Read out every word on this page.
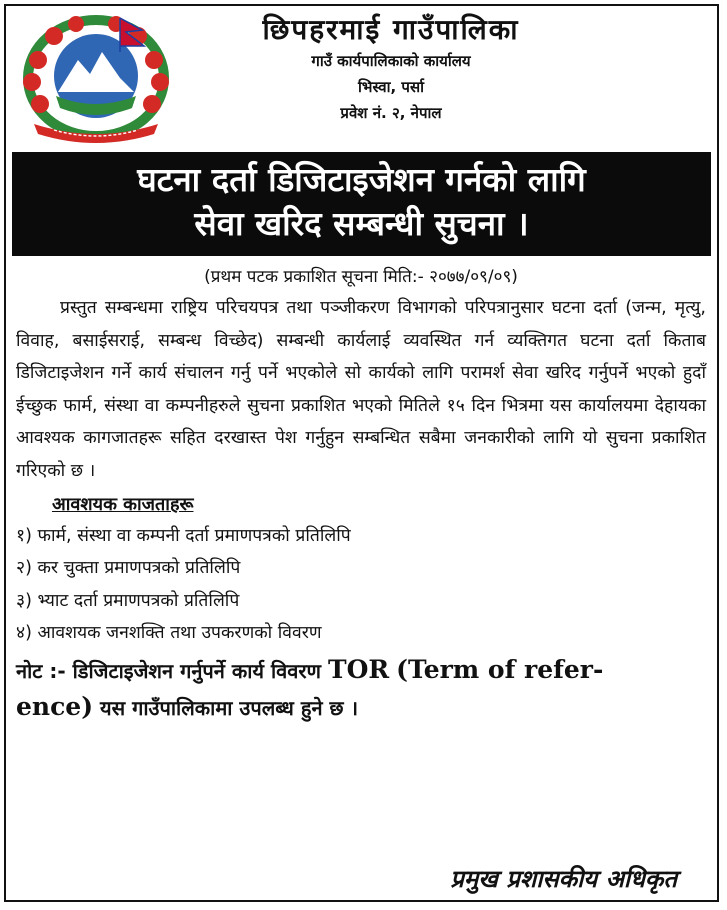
छिपहरमाई गाउँपालिका
गाउँ कार्यपालिकाको कार्यालय
भिस्वा, पर्सा
प्रवेश नं. २, नेपाल
घटना दर्ता डिजिटाइजेशन गर्नको लागि
सेवा खरिद सम्बन्धी सुचना ।
(प्रथम पटक प्रकाशित सूचना मिति:- २०७७/०९/०९)

प्रस्तुत सम्बन्धमा राष्ट्रिय परिचयपत्र तथा पञ्जीकरण विभागको परिपत्रानुसार घटना दर्ता (जन्म, मृत्यु, विवाह, बसाईसराई, सम्बन्ध विच्छेद) सम्बन्धी कार्यलाई व्यवस्थित गर्न व्यक्तिगत घटना दर्ता किताब डिजिटाइजेशन गर्ने कार्य संचालन गर्नु पर्ने भएकोले सो कार्यको लागि परामर्श सेवा खरिद गर्नुपर्ने भएको हुदाँ ईच्छुक फार्म, संस्था वा कम्पनीहरुले सुचना प्रकाशित भएको मितिले १५ दिन भित्रमा यस कार्यालयमा देहायका आवश्यक कागजातहरू सहित दरखास्त पेश गर्नुहुन सम्बन्धित सबैमा जनकारीको लागि यो सुचना प्रकाशित गरिएको छ ।

आवशयक काजताहरू
१) फार्म, संस्था वा कम्पनी दर्ता प्रमाणपत्रको प्रतिलिपि
२) कर चुक्ता प्रमाणपत्रको प्रतिलिपि
३) भ्याट दर्ता प्रमाणपत्रको प्रतिलिपि
४) आवशयक जनशक्ति तथा उपकरणको विवरण
नोट :- डिजिटाइजेशन गर्नुपर्ने कार्य विवरण TOR (Term of refer-
ence) यस गाउँपालिकामा उपलब्ध हुने छ ।
प्रमुख प्रशासकीय अधिकृत
